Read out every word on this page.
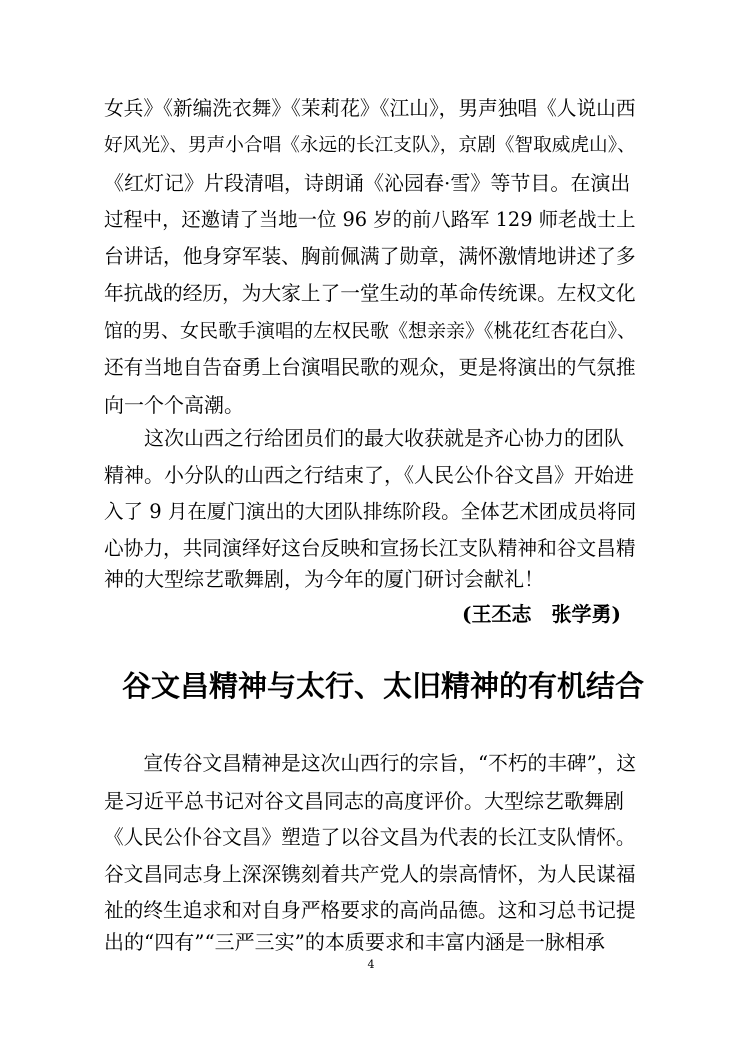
女兵》《新编洗衣舞》《茉莉花》《江山》，男声独唱《人说山西
好风光》、男声小合唱《永远的长江支队》，京剧《智取威虎山》、
《红灯记》片段清唱，诗朗诵《沁园春·雪》等节目。在演出
过程中，还邀请了当地一位 96 岁的前八路军 129 师老战士上
台讲话，他身穿军装、胸前佩满了勋章，满怀激情地讲述了多
年抗战的经历，为大家上了一堂生动的革命传统课。左权文化
馆的男、女民歌手演唱的左权民歌《想亲亲》《桃花红杏花白》、
还有当地自告奋勇上台演唱民歌的观众，更是将演出的气氛推
向一个个高潮。
　　这次山西之行给团员们的最大收获就是齐心协力的团队
精神。小分队的山西之行结束了，《人民公仆谷文昌》开始进
入了 9 月在厦门演出的大团队排练阶段。全体艺术团成员将同
心协力，共同演绎好这台反映和宣扬长江支队精神和谷文昌精
神的大型综艺歌舞剧，为今年的厦门研讨会献礼！
(王丕志　张学勇)
谷文昌精神与太行、太旧精神的有机结合
　　宣传谷文昌精神是这次山西行的宗旨，“不朽的丰碑”，这
是习近平总书记对谷文昌同志的高度评价。大型综艺歌舞剧
《人民公仆谷文昌》塑造了以谷文昌为代表的长江支队情怀。
谷文昌同志身上深深镌刻着共产党人的崇高情怀，为人民谋福
祉的终生追求和对自身严格要求的高尚品德。这和习总书记提
出的“四有”“三严三实”的本质要求和丰富内涵是一脉相承
4
